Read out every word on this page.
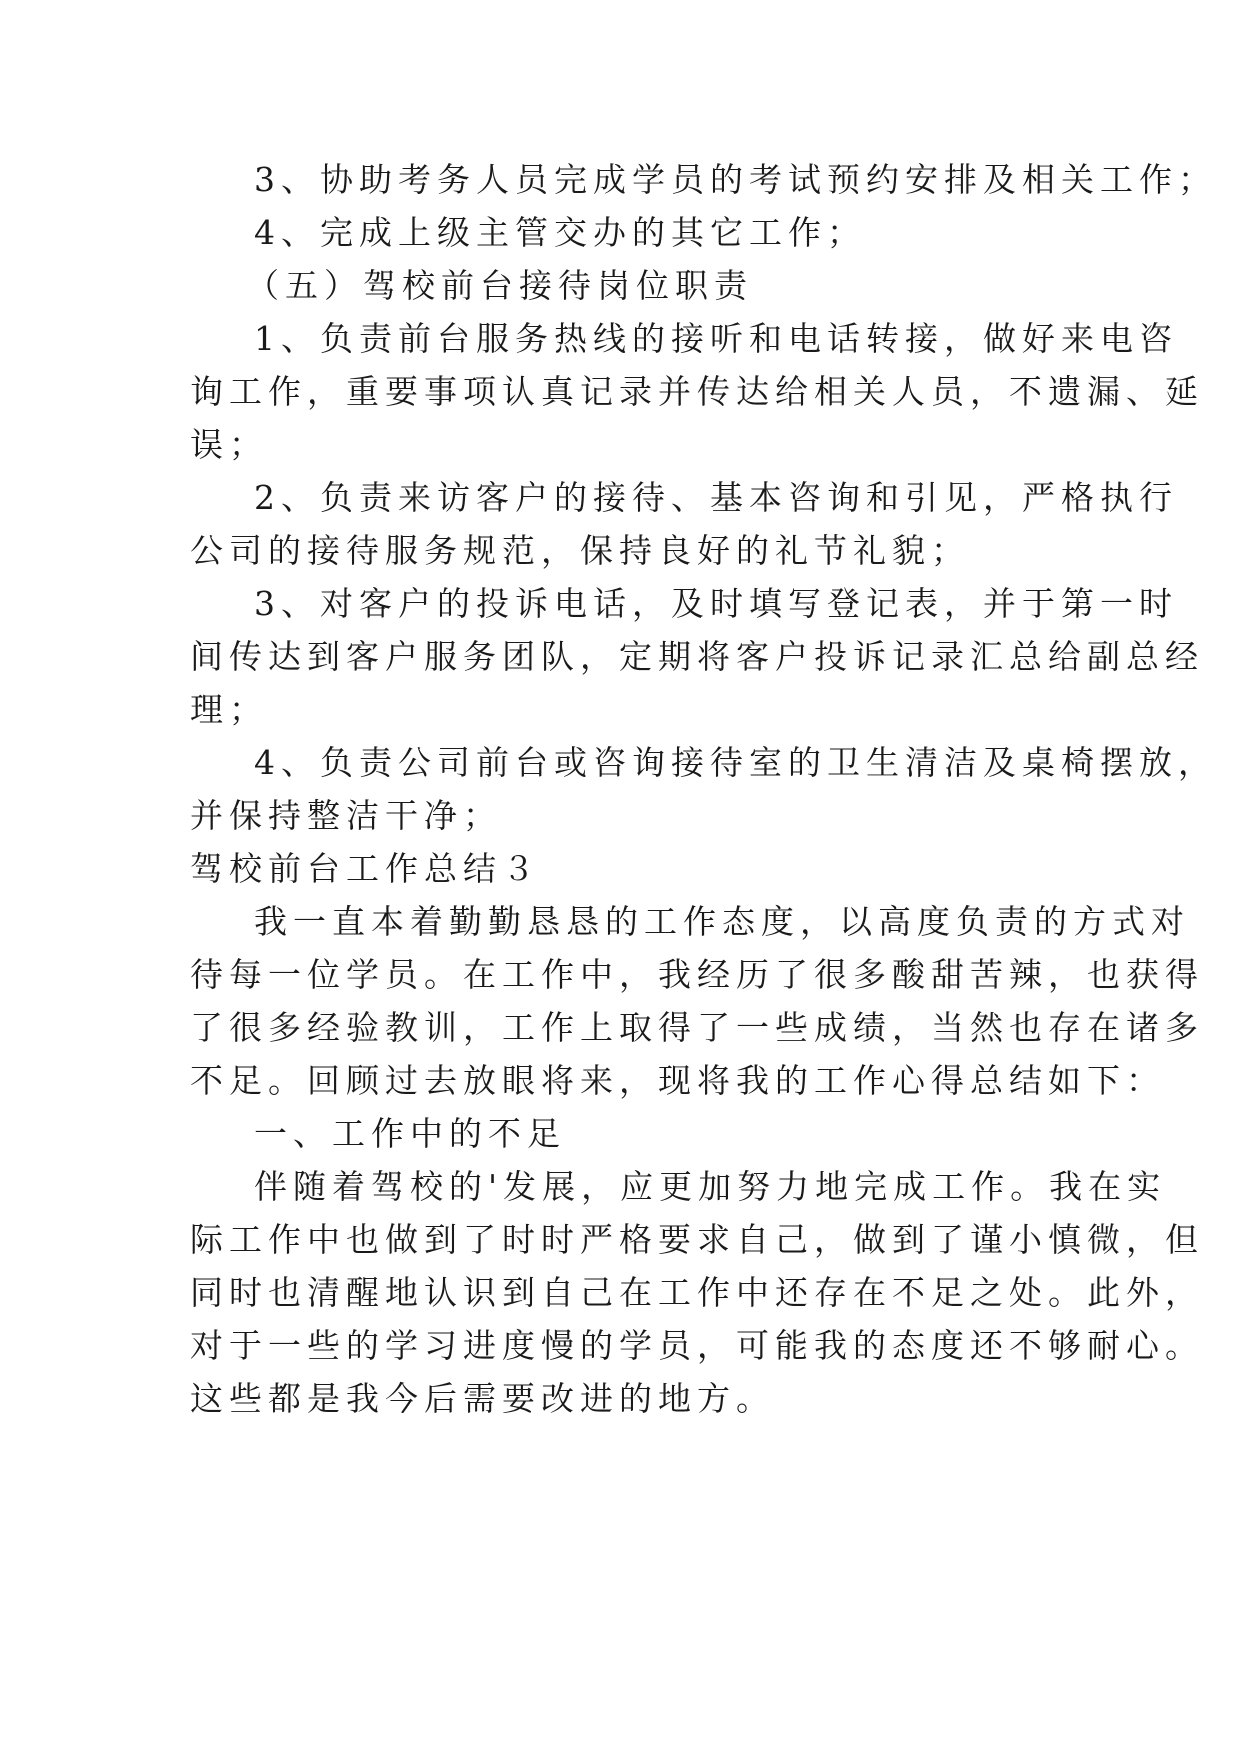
3、协助考务人员完成学员的考试预约安排及相关工作；
4、完成上级主管交办的其它工作；
（五）驾校前台接待岗位职责
1、负责前台服务热线的接听和电话转接，做好来电咨
询工作，重要事项认真记录并传达给相关人员，不遗漏、延
误；
2、负责来访客户的接待、基本咨询和引见，严格执行
公司的接待服务规范，保持良好的礼节礼貌；
3、对客户的投诉电话，及时填写登记表，并于第一时
间传达到客户服务团队，定期将客户投诉记录汇总给副总经
理；
4、负责公司前台或咨询接待室的卫生清洁及桌椅摆放，
并保持整洁干净；
驾校前台工作总结３
我一直本着勤勤恳恳的工作态度，以高度负责的方式对
待每一位学员。在工作中，我经历了很多酸甜苦辣，也获得
了很多经验教训，工作上取得了一些成绩，当然也存在诸多
不足。回顾过去放眼将来，现将我的工作心得总结如下：
一、工作中的不足
伴随着驾校的'发展，应更加努力地完成工作。我在实
际工作中也做到了时时严格要求自己，做到了谨小慎微，但
同时也清醒地认识到自己在工作中还存在不足之处。此外，
对于一些的学习进度慢的学员，可能我的态度还不够耐心。
这些都是我今后需要改进的地方。
